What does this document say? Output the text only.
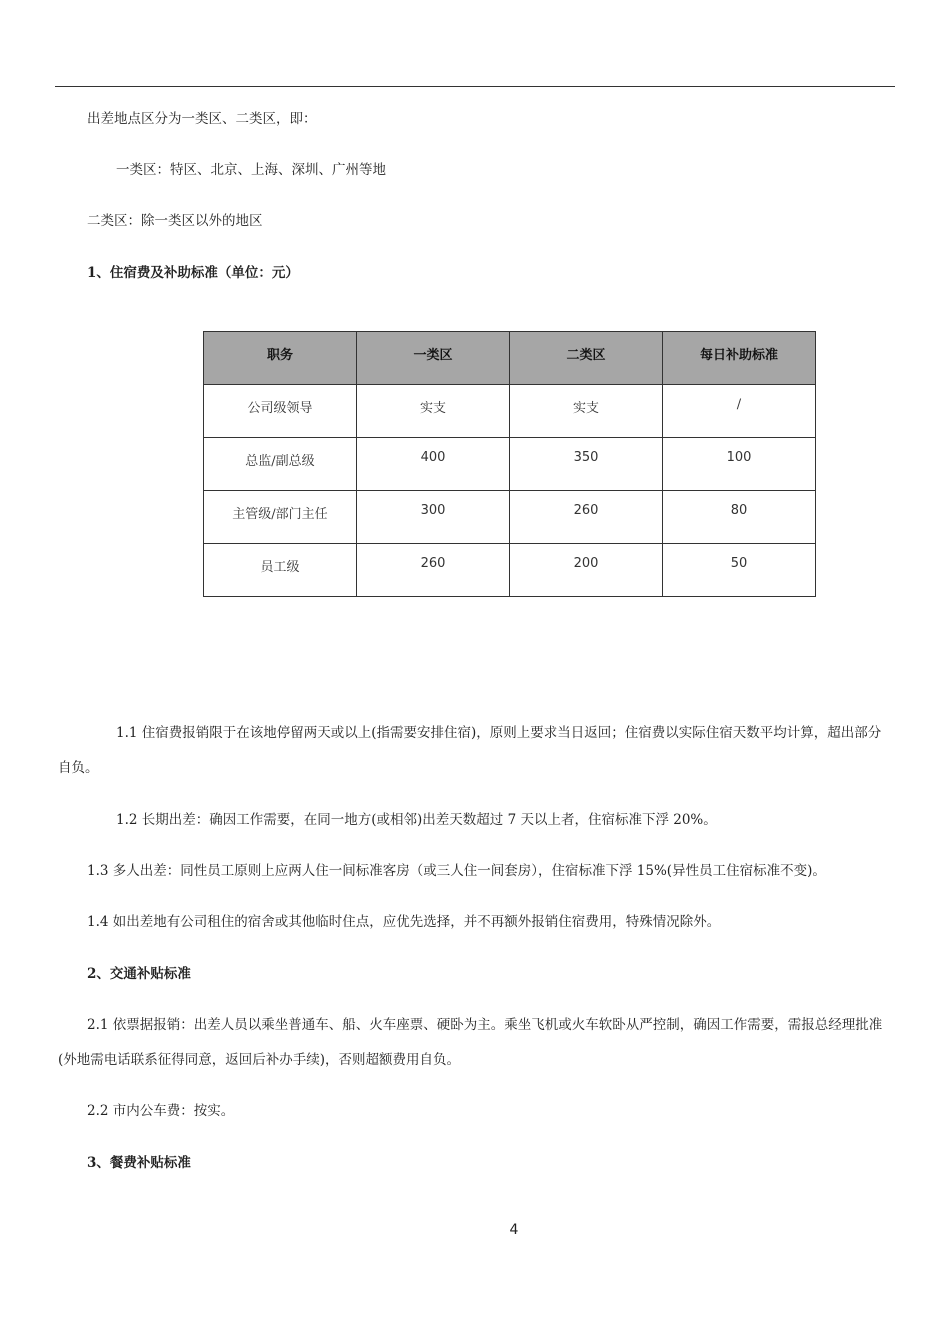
出差地点区分为一类区、二类区，即：
一类区：特区、北京、上海、深圳、广州等地
二类区：除一类区以外的地区
1、住宿费及补助标准（单位：元）
职务	一类区	二类区	每日补助标准
公司级领导	实支	实支	/
总监/副总级	400	350	100
主管级/部门主任	300	260	80
员工级	260	200	50
1.1 住宿费报销限于在该地停留两天或以上(指需要安排住宿)，原则上要求当日返回；住宿费以实际住宿天数平均计算，超出部分自负。
1.2 长期出差：确因工作需要，在同一地方(或相邻)出差天数超过 7 天以上者，住宿标准下浮 20%。
1.3 多人出差：同性员工原则上应两人住一间标准客房（或三人住一间套房），住宿标准下浮 15%(异性员工住宿标准不变)。
1.4 如出差地有公司租住的宿舍或其他临时住点，应优先选择，并不再额外报销住宿费用，特殊情况除外。
2、交通补贴标准
2.1 依票据报销：出差人员以乘坐普通车、船、火车座票、硬卧为主。乘坐飞机或火车软卧从严控制，确因工作需要，需报总经理批准(外地需电话联系征得同意，返回后补办手续)，否则超额费用自负。
2.2 市内公车费：按实。
3、餐费补贴标准
4
